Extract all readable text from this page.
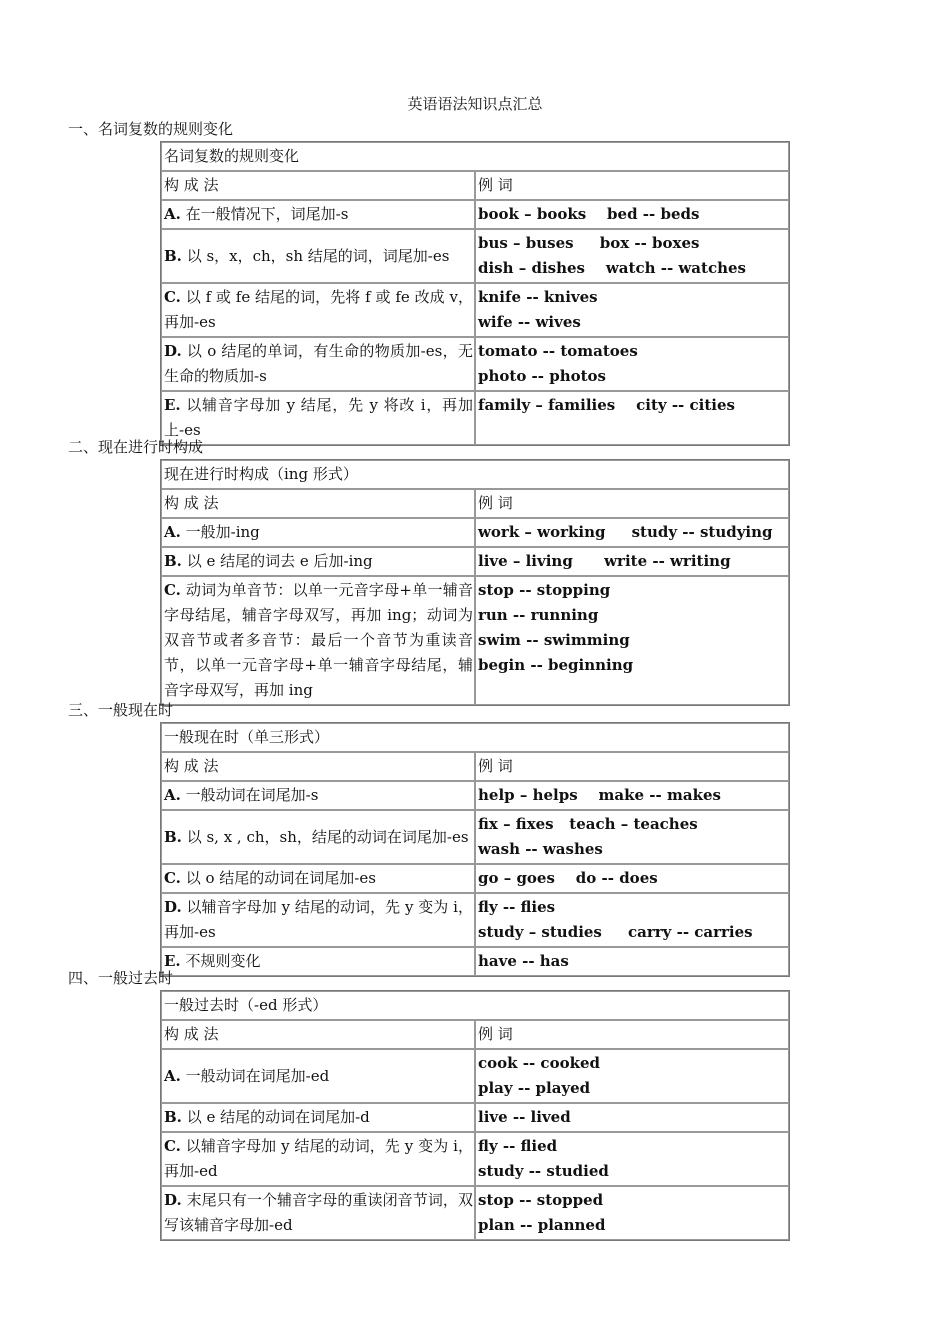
英语语法知识点汇总
一、名词复数的规则变化
名词复数的规则变化	
构 成 法	例 词
A. 在一般情况下，词尾加-s	book – books    bed -- beds

B. 以 s，x，ch，sh 结尾的词，词尾加-es	bus – buses     box -- boxes
dish – dishes    watch -- watches

C. 以 f 或 fe 结尾的词，先将 f 或 fe 改成 v，再加-es	knife -- knives
wife -- wives

D. 以 o 结尾的单词，有生命的物质加-es，无生命的物质加-s	tomato -- tomatoes
photo -- photos

E. 以辅音字母加 y 结尾，先 y 将改 i，再加上-es	family – families    city -- cities
二、现在进行时构成
现在进行时构成（ing 形式）	
构 成 法	例 词
A. 一般加-ing	work – working     study -- studying

B. 以 e 结尾的词去 e 后加-ing	live – living      write -- writing

C. 动词为单音节：以单一元音字母+单一辅音字母结尾，辅音字母双写，再加 ing；动词为双音节或者多音节：最后一个音节为重读音节，以单一元音字母+单一辅音字母结尾，辅音字母双写，再加 ing	stop -- stopping
run -- running
swim -- swimming
begin -- beginning
三、一般现在时
一般现在时（单三形式）	
构 成 法	例 词
A. 一般动词在词尾加-s	help – helps    make -- makes

B. 以 s, x , ch，sh，结尾的动词在词尾加-es	fix – fixes   teach – teaches
wash -- washes

C. 以 o 结尾的动词在词尾加-es	go – goes    do -- does

D. 以辅音字母加 y 结尾的动词，先 y 变为 i，再加-es	fly -- flies
study – studies     carry -- carries

E. 不规则变化	have -- has
四、一般过去时
一般过去时（-ed 形式）	
构 成 法	例 词
A. 一般动词在词尾加-ed	cook -- cooked
play -- played

B. 以 e 结尾的动词在词尾加-d	live -- lived

C. 以辅音字母加 y 结尾的动词，先 y 变为 i，再加-ed	fly -- flied
study -- studied

D. 末尾只有一个辅音字母的重读闭音节词，双写该辅音字母加-ed	stop -- stopped
plan -- planned
